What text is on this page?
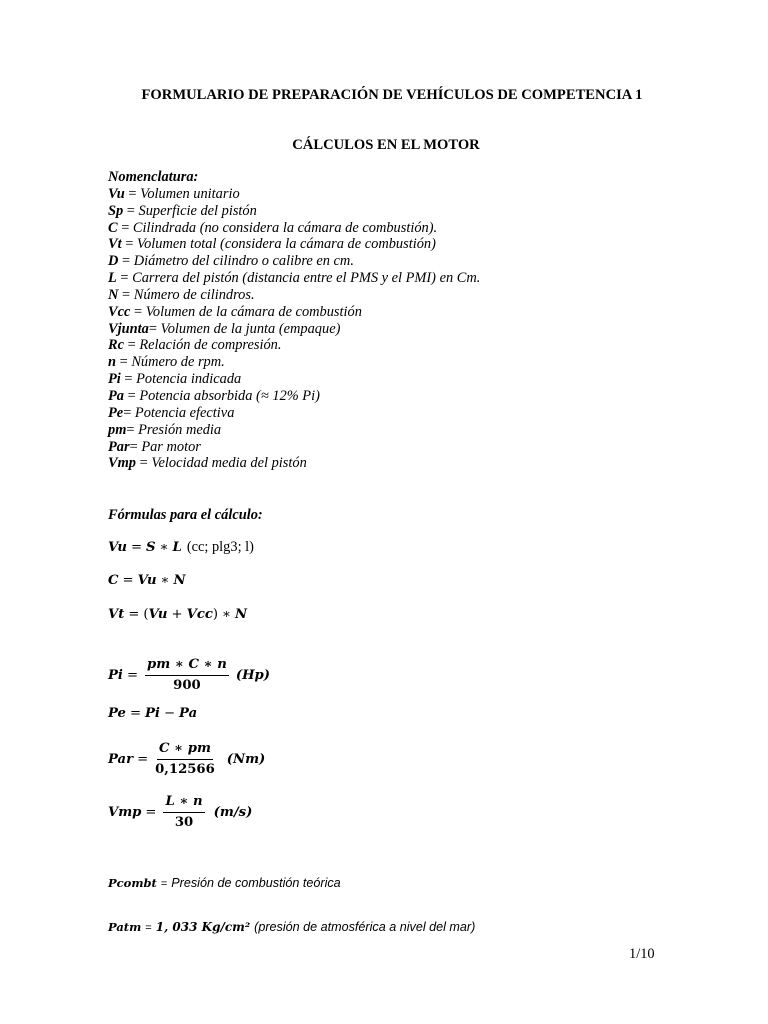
FORMULARIO DE PREPARACIÓN DE VEHÍCULOS DE COMPETENCIA 1
CÁLCULOS EN EL MOTOR
Nomenclatura:
Vu = Volumen unitario
Sp = Superficie del pistón
C = Cilindrada (no considera la cámara de combustión).
Vt = Volumen total (considera la cámara de combustión)
D = Diámetro del cilindro o calibre en cm.
L = Carrera del pistón (distancia entre el PMS y el PMI) en Cm.
N = Número de cilindros.
Vcc = Volumen de la cámara de combustión
Vjunta= Volumen de la junta (empaque)
Rc = Relación de compresión.
n = Número de rpm.
Pi = Potencia indicada
Pa = Potencia absorbida (≈ 12% Pi)
Pe= Potencia efectiva
pm= Presión media
Par= Par motor
Vmp = Velocidad media del pistón
Fórmulas para el cálculo:
Vu = S ∗ L (cc; plg3; l)
C = Vu ∗ N
Vt = ( Vu + Vcc ) ∗ N
$Pi = \frac{pm ∗ C ∗ n}{900} (Hp)$
Pe = Pi − Pa
Par = $\frac{C ∗ pm}{0,12566} (Nm)$
Vmp = $\frac{L ∗ n}{30} (m/s)$
Pcombt = Presión de combustión teórica
Patm = 1, 033 Kg/cm² (presión de atmosférica a nivel del mar)
1/10
